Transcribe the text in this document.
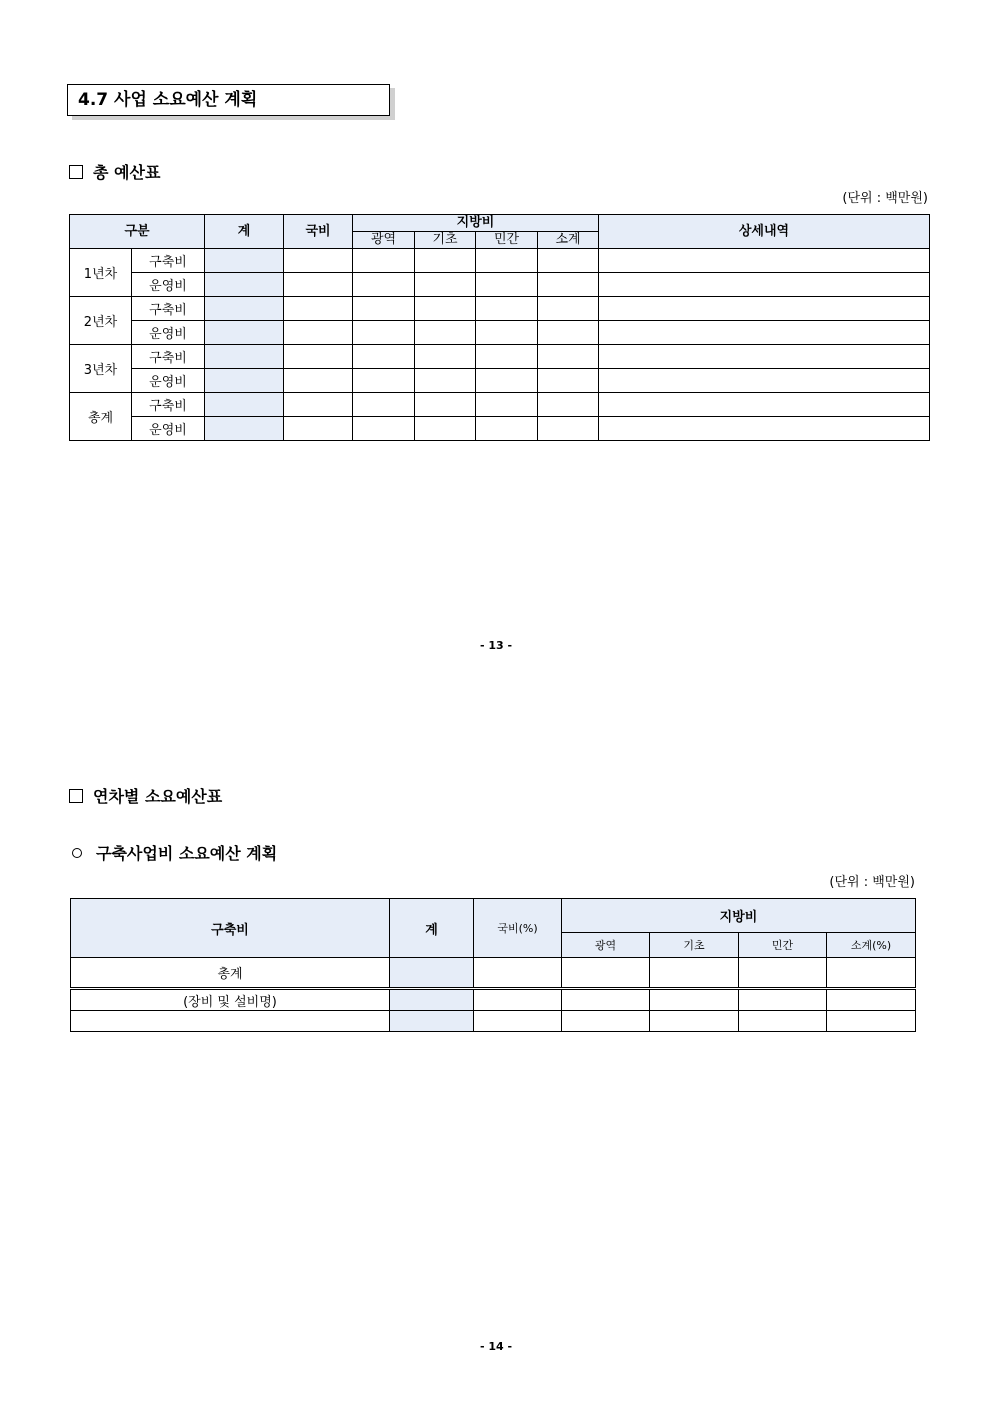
4.7 사업 소요예산 계획
총 예산표
(단위 : 백만원)
구분		계	국비	지방비				상세내역
				광역	기초	민간	소계	
1년차	구축비							
	운영비							
2년차	구축비							
	운영비							
3년차	구축비							
	운영비							
총계	구축비							
	운영비							
- 13 -
연차별 소요예산표
구축사업비 소요예산 계획
(단위 : 백만원)
구축비	계	국비(%)	지방비			
			광역	기초	민간	소계(%)
총계						
(장비 및 설비명)						

- 14 -
